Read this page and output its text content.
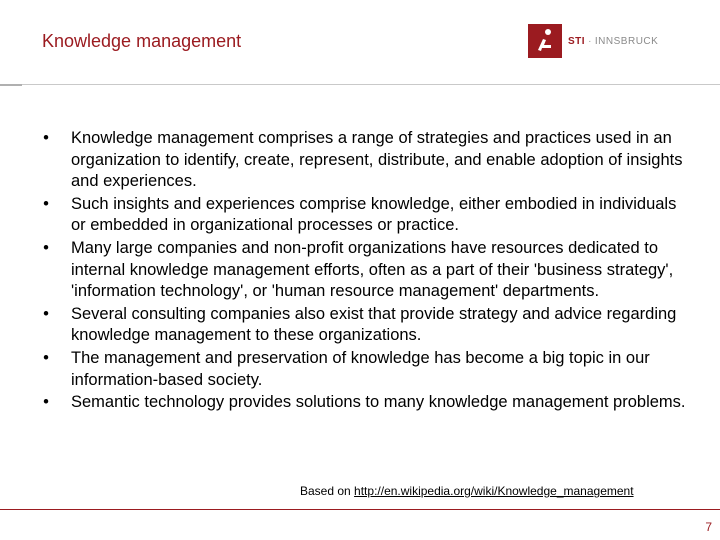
Knowledge management	STI · INNSBRUCK
• Knowledge management comprises a range of strategies and practices used in an organization to identify, create, represent, distribute, and enable adoption of insights and experiences.
• Such insights and experiences comprise knowledge, either embodied in individuals or embedded in organizational processes or practice.
• Many large companies and non-profit organizations have resources dedicated to internal knowledge management efforts, often as a part of their 'business strategy', 'information technology', or 'human resource management' departments.
• Several consulting companies also exist that provide strategy and advice regarding knowledge management to these organizations.
• The management and preservation of knowledge has become a big topic in our information-based society.
• Semantic technology provides solutions to many knowledge management problems.
Based on http://en.wikipedia.org/wiki/Knowledge_management
7
